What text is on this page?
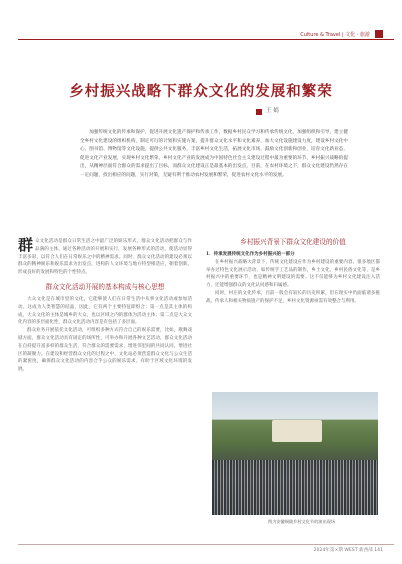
Culture & Travel | 文化 · 旅游
乡村振兴战略下群众文化的发展和繁荣
王 娟
加强传统文化的传承和保护，促进开展文化遗产保护和传承工作，数据乡村民众学习和传承传统文化，加强组织和引导，建立健全乡村文化建设的组织机构，制定可行的计划和实施方案，提升群众文化水平和文化素养，加大文化设施建设力度，建设乡村文化中心、图书馆、博物馆等文化设施，提供公共文化服务，丰富乡村文化生活，拓展文化市场，鼓励文化创新和创业，培育文化新业态，促进文化产业发展，实现乡村文化繁荣。乡村文化产业的发展成为中国特色社会主义建设过程中最为重要的环节，乡村振兴战略的提出，从精神层面符合群众的需求提出了目标，而群众文化建设正是最基本的出发点，目前，在农村环境之下，群众文化建设仍然存在一定问题，找出相应的问题，实行对策，无疑有利于推动农村发展和繁荣，促进农村文化水平的发展。

群众文化活动是群众日常生活之中最广泛的娱乐形式，群众文化活动把群众与作品满的主体。通过各种活动的开展和实行，发展各种形式的活动，使活动显得丰富多彩，以符合人们在日常娱乐之中的精神需求。同时，群众文化活动的建设必须以群众的精神娱乐和娱乐需求为出发点，进构的人文环境与地方特型相适应，朝着创新、形成良好的发展和特色的个性特点。

群众文化活动开展的基本构成与核心思想

大众文化是在城市里的文化，它能够使人们在日常生活中从事文化活动或参加活动，这成为人类智慧的结晶，因此，它有两个主要特征即组合：第一点是其主体的构成，大众文化的主体是城乡的大众，也以区域之内的群体为活动主体；第二点是大众文化内容的多层面化性，群众文化活动内容是有包括了多层面。

群众业务开展依托文化活动，可组织多种方式符合自己的娱乐需要，比如，歌舞戏剧方面，群众文化活动具有固定的场所性，可举办和开展各种文艺活动，群众文化活动在自持提升富多样的群众生活，符合群众的需要需求，增进邻里间的共同认同，增进社区的凝聚力。在建设和经营群众文化的过程之中，文化站必须营造群众文化与公众生活的紧密度，确保群众文化活动的内容合乎公众的娱乐需求，有助于区域文化环境的发展。

乡村振兴背景下群众文化建设的价值

1．传承发展传统文化作为乡村振兴的一部分

在乡村振兴战略大背景下，传统文化建设应作为乡村建设的重要内容，很多地区都举办过特色文化展示活动，如传统手工艺品的制作，乡土文化，乡村民俗文化等，是乡村振兴中的重要环节，也是精神文明建设的需要。这不仅能够为乡村文化建设注入活力，还能增强群众的文化认同感和归属感。

同时，村庄的文化传承，目前一般会有较长的历史积累，但在现实中仍面临诸多挑战，传承人和相关物质遗产的保护不足，乡村文化资源亟需有效整合与利用。

图为安徽铜陵乡村文化节的演出现场
2024年第×期 WEST 新西部 141
